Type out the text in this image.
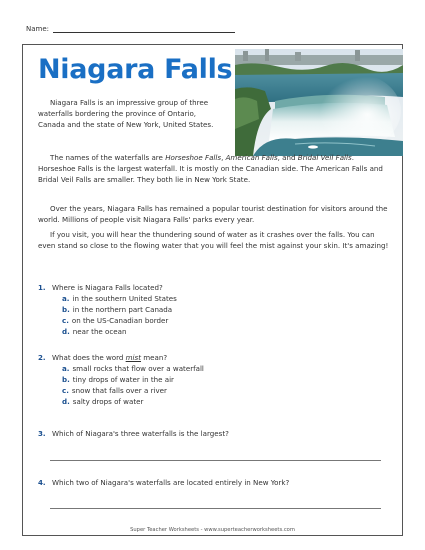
Name:
Niagara Falls
Niagara Falls is an impressive group of three waterfalls bordering the province of Ontario, Canada and the state of New York, United States.
The names of the waterfalls are Horseshoe Falls, American Falls, and Bridal Veil Falls. Horseshoe Falls is the largest waterfall. It is mostly on the Canadian side. The American Falls and Bridal Veil Falls are smaller. They both lie in New York State.
Over the years, Niagara Falls has remained a popular tourist destination for visitors around the world. Millions of people visit Niagara Falls' parks every year.
If you visit, you will hear the thundering sound of water as it crashes over the falls. You can even stand so close to the flowing water that you will feel the mist against your skin. It's amazing!
1. Where is Niagara Falls located?
a. in the southern United States
b. in the northern part Canada
c. on the US-Canadian border
d. near the ocean
2. What does the word mist mean?
a. small rocks that flow over a waterfall
b. tiny drops of water in the air
c. snow that falls over a river
d. salty drops of water
3. Which of Niagara's three waterfalls is the largest?
4. Which two of Niagara's waterfalls are located entirely in New York?
Super Teacher Worksheets - www.superteacherworksheets.com
